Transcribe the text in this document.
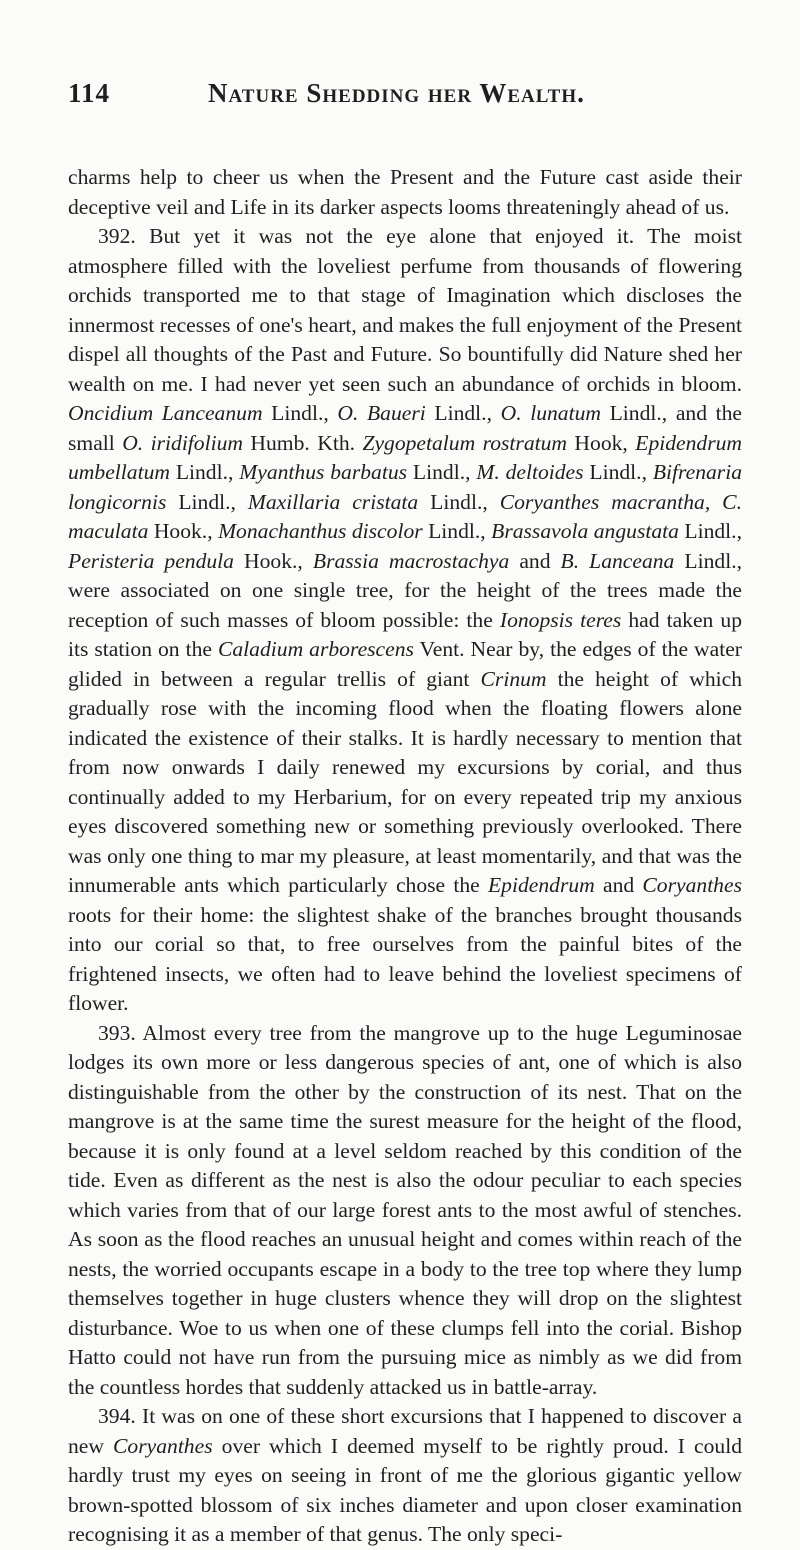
114	Nature Shedding her Wealth.

charms help to cheer us when the Present and the Future cast aside their deceptive veil and Life in its darker aspects looms threateningly ahead of us.

392. But yet it was not the eye alone that enjoyed it. The moist atmosphere filled with the loveliest perfume from thousands of flowering orchids transported me to that stage of Imagination which discloses the innermost recesses of one's heart, and makes the full enjoyment of the Present dispel all thoughts of the Past and Future. So bountifully did Nature shed her wealth on me. I had never yet seen such an abundance of orchids in bloom. Oncidium Lanceanum Lindl., O. Baueri Lindl., O. lunatum Lindl., and the small O. iridifolium Humb. Kth. Zygopetalum rostratum Hook, Epidendrum umbellatum Lindl., Myanthus barbatus Lindl., M. deltoides Lindl., Bifrenaria longicornis Lindl., Maxillaria cristata Lindl., Coryanthes macrantha, C. maculata Hook., Monachanthus discolor Lindl., Brassavola angustata Lindl., Peristeria pendula Hook., Brassia macrostachya and B. Lanceana Lindl., were associated on one single tree, for the height of the trees made the reception of such masses of bloom possible: the Ionopsis teres had taken up its station on the Caladium arborescens Vent. Near by, the edges of the water glided in between a regular trellis of giant Crinum the height of which gradually rose with the incoming flood when the floating flowers alone indicated the existence of their stalks. It is hardly necessary to mention that from now onwards I daily renewed my excursions by corial, and thus continually added to my Herbarium, for on every repeated trip my anxious eyes discovered something new or something previously overlooked. There was only one thing to mar my pleasure, at least momentarily, and that was the innumerable ants which particularly chose the Epidendrum and Coryanthes roots for their home: the slightest shake of the branches brought thousands into our corial so that, to free ourselves from the painful bites of the frightened insects, we often had to leave behind the loveliest specimens of flower.

393. Almost every tree from the mangrove up to the huge Leguminosae lodges its own more or less dangerous species of ant, one of which is also distinguishable from the other by the construction of its nest. That on the mangrove is at the same time the surest measure for the height of the flood, because it is only found at a level seldom reached by this condition of the tide. Even as different as the nest is also the odour peculiar to each species which varies from that of our large forest ants to the most awful of stenches. As soon as the flood reaches an unusual height and comes within reach of the nests, the worried occupants escape in a body to the tree top where they lump themselves together in huge clusters whence they will drop on the slightest disturbance. Woe to us when one of these clumps fell into the corial. Bishop Hatto could not have run from the pursuing mice as nimbly as we did from the countless hordes that suddenly attacked us in battle-array.

394. It was on one of these short excursions that I happened to discover a new Coryanthes over which I deemed myself to be rightly proud. I could hardly trust my eyes on seeing in front of me the glorious gigantic yellow brown-spotted blossom of six inches diameter and upon closer examination recognising it as a member of that genus. The only speci-
